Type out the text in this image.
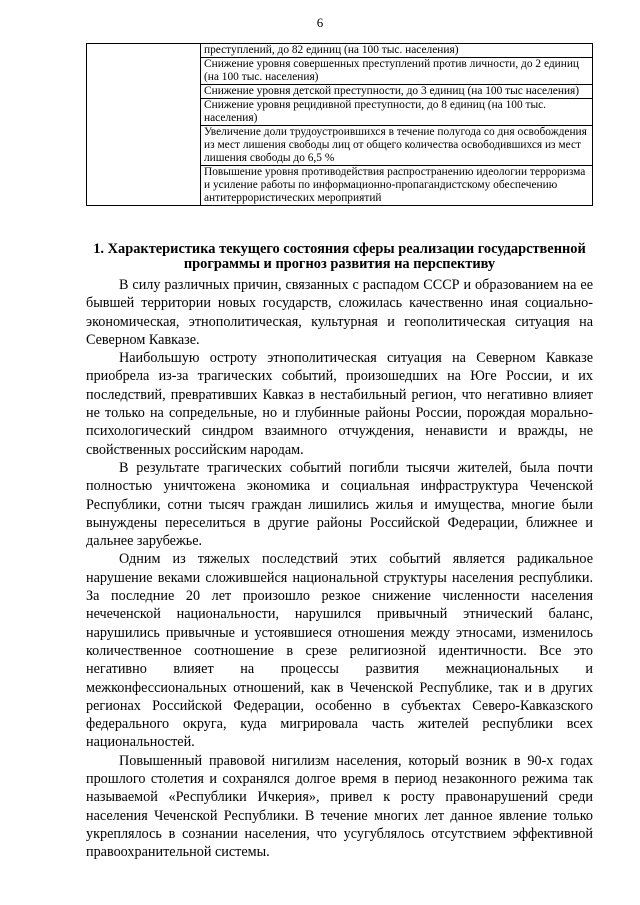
6
	преступлений, до 82 единиц (на 100 тыс. населения)
Снижение уровня совершенных преступлений против личности, до 2 единиц (на 100 тыс. населения)
Снижение уровня детской преступности, до 3 единиц (на 100 тыс населения)
Снижение уровня рецидивной преступности, до 8 единиц (на 100 тыс. населения)
Увеличение доли трудоустроившихся в течение полугода со дня освобождения из мест лишения свободы лиц от общего количества освободившихся из мест лишения свободы до 6,5 %
Повышение уровня противодействия распространению идеологии терроризма и усиление работы по информационно-пропагандистскому обеспечению антитеррористических мероприятий
1. Характеристика текущего состояния сферы реализации государственной программы и прогноз развития на перспективу

В силу различных причин, связанных с распадом СССР и образованием на ее бывшей территории новых государств, сложилась качественно иная социально-экономическая, этнополитическая, культурная и геополитическая ситуация на Северном Кавказе.

Наибольшую остроту этнополитическая ситуация на Северном Кавказе приобрела из-за трагических событий, произошедших на Юге России, и их последствий, превративших Кавказ в нестабильный регион, что негативно влияет не только на сопредельные, но и глубинные районы России, порождая морально-психологический синдром взаимного отчуждения, ненависти и вражды, не свойственных российским народам.

В результате трагических событий погибли тысячи жителей, была почти полностью уничтожена экономика и социальная инфраструктура Чеченской Республики, сотни тысяч граждан лишились жилья и имущества, многие были вынуждены переселиться в другие районы Российской Федерации, ближнее и дальнее зарубежье.

Одним из тяжелых последствий этих событий является радикальное нарушение веками сложившейся национальной структуры населения республики. За последние 20 лет произошло резкое снижение численности населения нечеченской национальности, нарушился привычный этнический баланс, нарушились привычные и устоявшиеся отношения между этносами, изменилось количественное соотношение в срезе религиозной идентичности. Все это негативно влияет на процессы развития межнациональных и межконфессиональных отношений, как в Чеченской Республике, так и в других регионах Российской Федерации, особенно в субъектах Северо-Кавказского федерального округа, куда мигрировала часть жителей республики всех национальностей.

Повышенный правовой нигилизм населения, который возник в 90-х годах прошлого столетия и сохранялся долгое время в период незаконного режима так называемой «Республики Ичкерия», привел к росту правонарушений среди населения Чеченской Республики. В течение многих лет данное явление только укреплялось в сознании населения, что усугублялось отсутствием эффективной правоохранительной системы.
